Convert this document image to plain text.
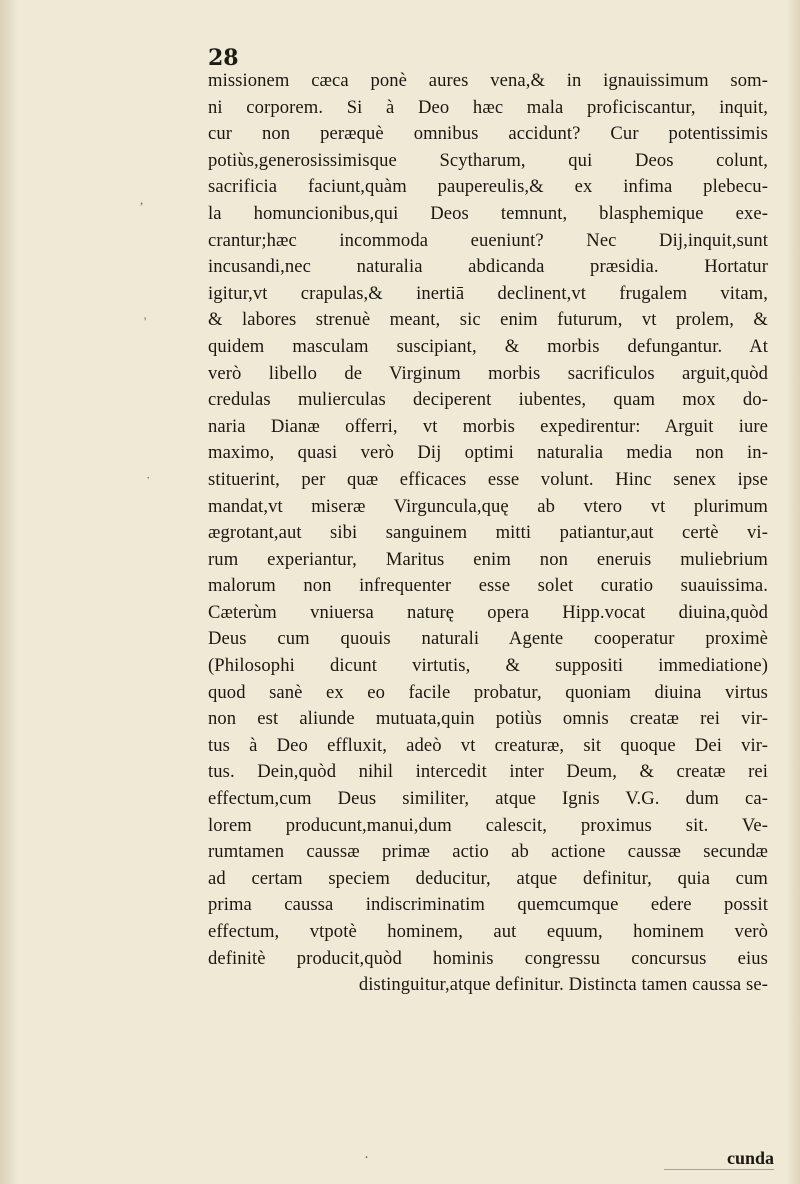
,
'
·
·
28
missionem cæca ponè aures vena,& in ignauissimum som-
ni corporem. Si à Deo hæc mala proficiscantur, inquit,
cur non peræquè omnibus accidunt? Cur potentissimis
potiùs,generosissimisque Scytharum, qui Deos colunt,
sacrificia faciunt,quàm paupereulis,& ex infima plebecu-
la homuncionibus,qui Deos temnunt, blasphemique exe-
crantur;hæc incommoda eueniunt? Nec Dij,inquit,sunt
incusandi,nec naturalia abdicanda præsidia. Hortatur
igitur,vt crapulas,& inertiā declinent,vt frugalem vitam,
& labores strenuè meant, sic enim futurum, vt prolem, &
quidem masculam suscipiant, & morbis defungantur. At
verò libello de Virginum morbis sacrificulos arguit,quòd
credulas mulierculas deciperent iubentes, quam mox do-
naria Dianæ offerri, vt morbis expedirentur: Arguit iure
maximo, quasi verò Dij optimi naturalia media non in-
stituerint, per quæ efficaces esse volunt. Hinc senex ipse
mandat,vt miseræ Virguncula,quę ab vtero vt plurimum
ægrotant,aut sibi sanguinem mitti patiantur,aut certè vi-
rum experiantur, Maritus enim non eneruis muliebrium
malorum non infrequenter esse solet curatio suauissima.
Cæterùm vniuersa naturę opera Hipp.vocat diuina,quòd
Deus cum quouis naturali Agente cooperatur proximè
(Philosophi dicunt virtutis, & suppositi immediatione)
quod sanè ex eo facile probatur, quoniam diuina virtus
non est aliunde mutuata,quin potiùs omnis creatæ rei vir-
tus à Deo effluxit, adeò vt creaturæ, sit quoque Dei vir-
tus. Dein,quòd nihil intercedit inter Deum, & creatæ rei
effectum,cum Deus similiter, atque Ignis V.G. dum ca-
lorem producunt,manui,dum calescit, proximus sit. Ve-
rumtamen caussæ primæ actio ab actione caussæ secundæ
ad certam speciem deducitur, atque definitur, quia cum
prima caussa indiscriminatim quemcumque edere possit
effectum, vtpotè hominem, aut equum, hominem verò
definitè producit,quòd hominis congressu concursus eius
distinguitur,atque definitur. Distincta tamen caussa se-
cunda
